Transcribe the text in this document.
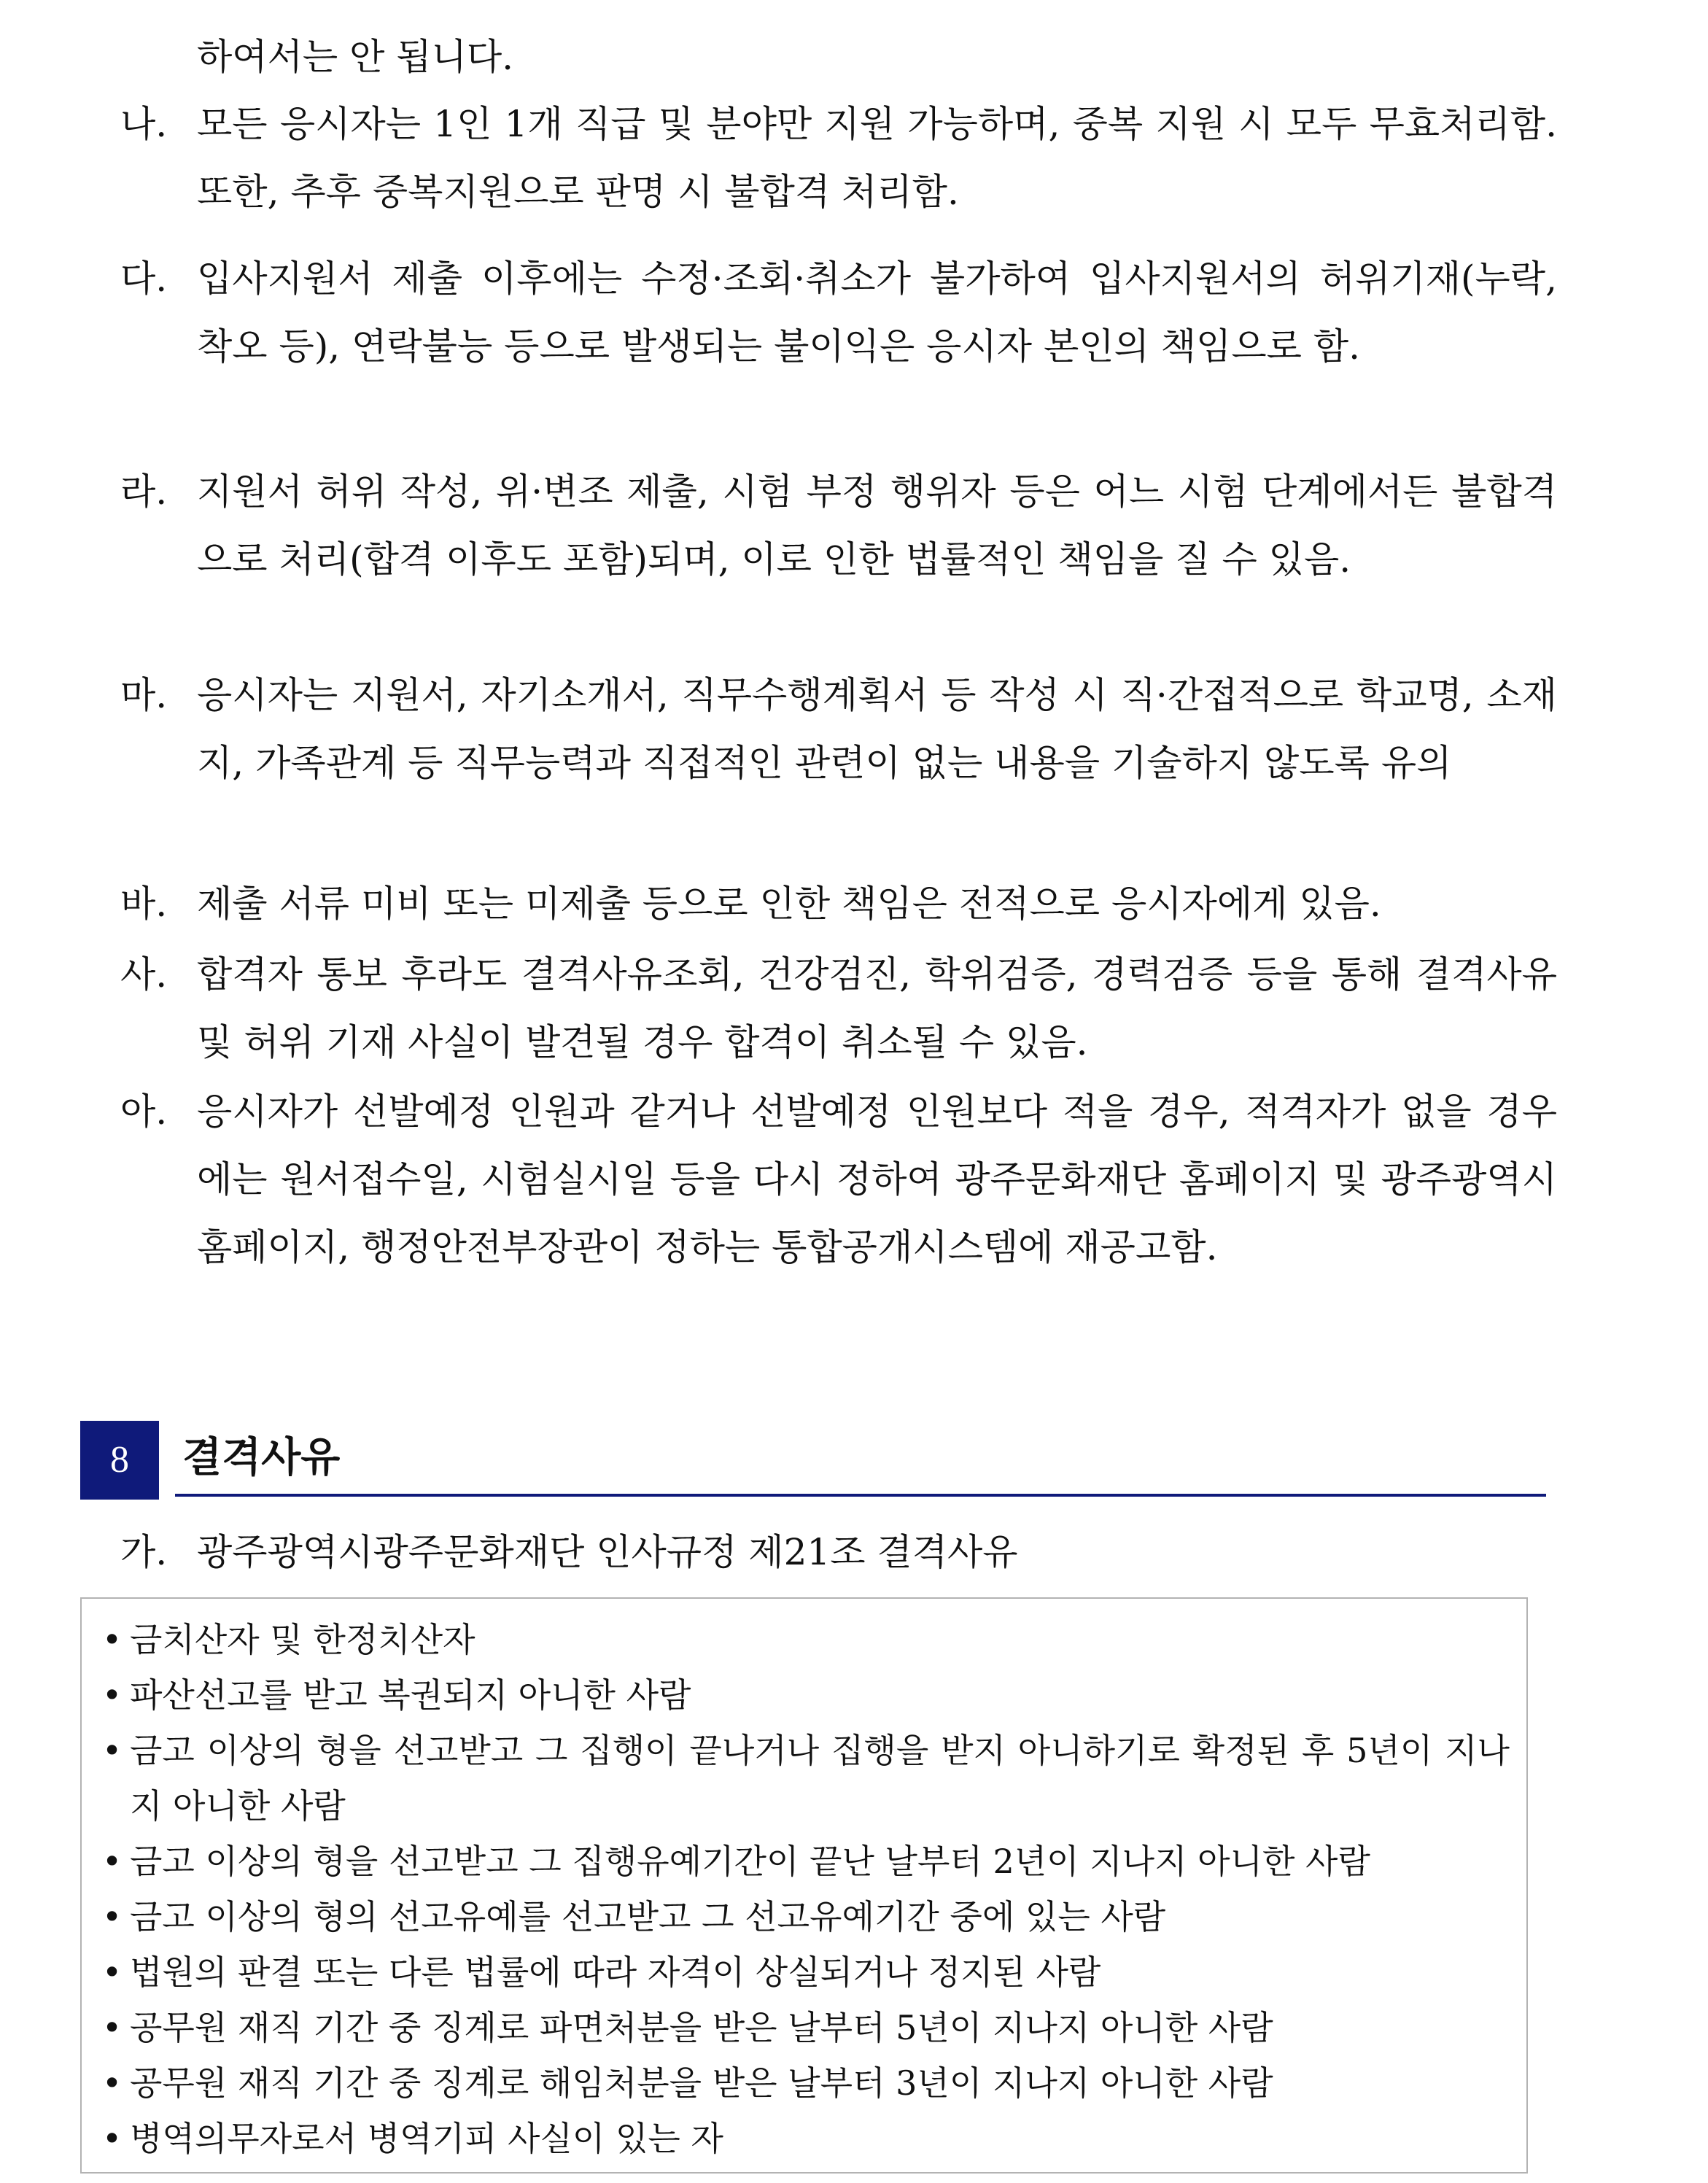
하여서는 안 됩니다.
나. 모든 응시자는 1인 1개 직급 및 분야만 지원 가능하며, 중복 지원 시 모두 무효처리함. 또한, 추후 중복지원으로 판명 시 불합격 처리함.
다. 입사지원서 제출 이후에는 수정·조회·취소가 불가하여 입사지원서의 허위기재(누락, 착오 등), 연락불능 등으로 발생되는 불이익은 응시자 본인의 책임으로 함.
라. 지원서 허위 작성, 위·변조 제출, 시험 부정 행위자 등은 어느 시험 단계에서든 불합격으로 처리(합격 이후도 포함)되며, 이로 인한 법률적인 책임을 질 수 있음.
마. 응시자는 지원서, 자기소개서, 직무수행계획서 등 작성 시 직·간접적으로 학교명, 소재지, 가족관계 등 직무능력과 직접적인 관련이 없는 내용을 기술하지 않도록 유의
바. 제출 서류 미비 또는 미제출 등으로 인한 책임은 전적으로 응시자에게 있음.
사. 합격자 통보 후라도 결격사유조회, 건강검진, 학위검증, 경력검증 등을 통해 결격사유 및 허위 기재 사실이 발견될 경우 합격이 취소될 수 있음.
아. 응시자가 선발예정 인원과 같거나 선발예정 인원보다 적을 경우, 적격자가 없을 경우에는 원서접수일, 시험실시일 등을 다시 정하여 광주문화재단 홈페이지 및 광주광역시 홈페이지, 행정안전부장관이 정하는 통합공개시스템에 재공고함.
8	결격사유
가. 광주광역시광주문화재단 인사규정 제21조 결격사유
• 금치산자 및 한정치산자
• 파산선고를 받고 복권되지 아니한 사람
• 금고 이상의 형을 선고받고 그 집행이 끝나거나 집행을 받지 아니하기로 확정된 후 5년이 지나지 아니한 사람
• 금고 이상의 형을 선고받고 그 집행유예기간이 끝난 날부터 2년이 지나지 아니한 사람
• 금고 이상의 형의 선고유예를 선고받고 그 선고유예기간 중에 있는 사람
• 법원의 판결 또는 다른 법률에 따라 자격이 상실되거나 정지된 사람
• 공무원 재직 기간 중 징계로 파면처분을 받은 날부터 5년이 지나지 아니한 사람
• 공무원 재직 기간 중 징계로 해임처분을 받은 날부터 3년이 지나지 아니한 사람
• 병역의무자로서 병역기피 사실이 있는 자
